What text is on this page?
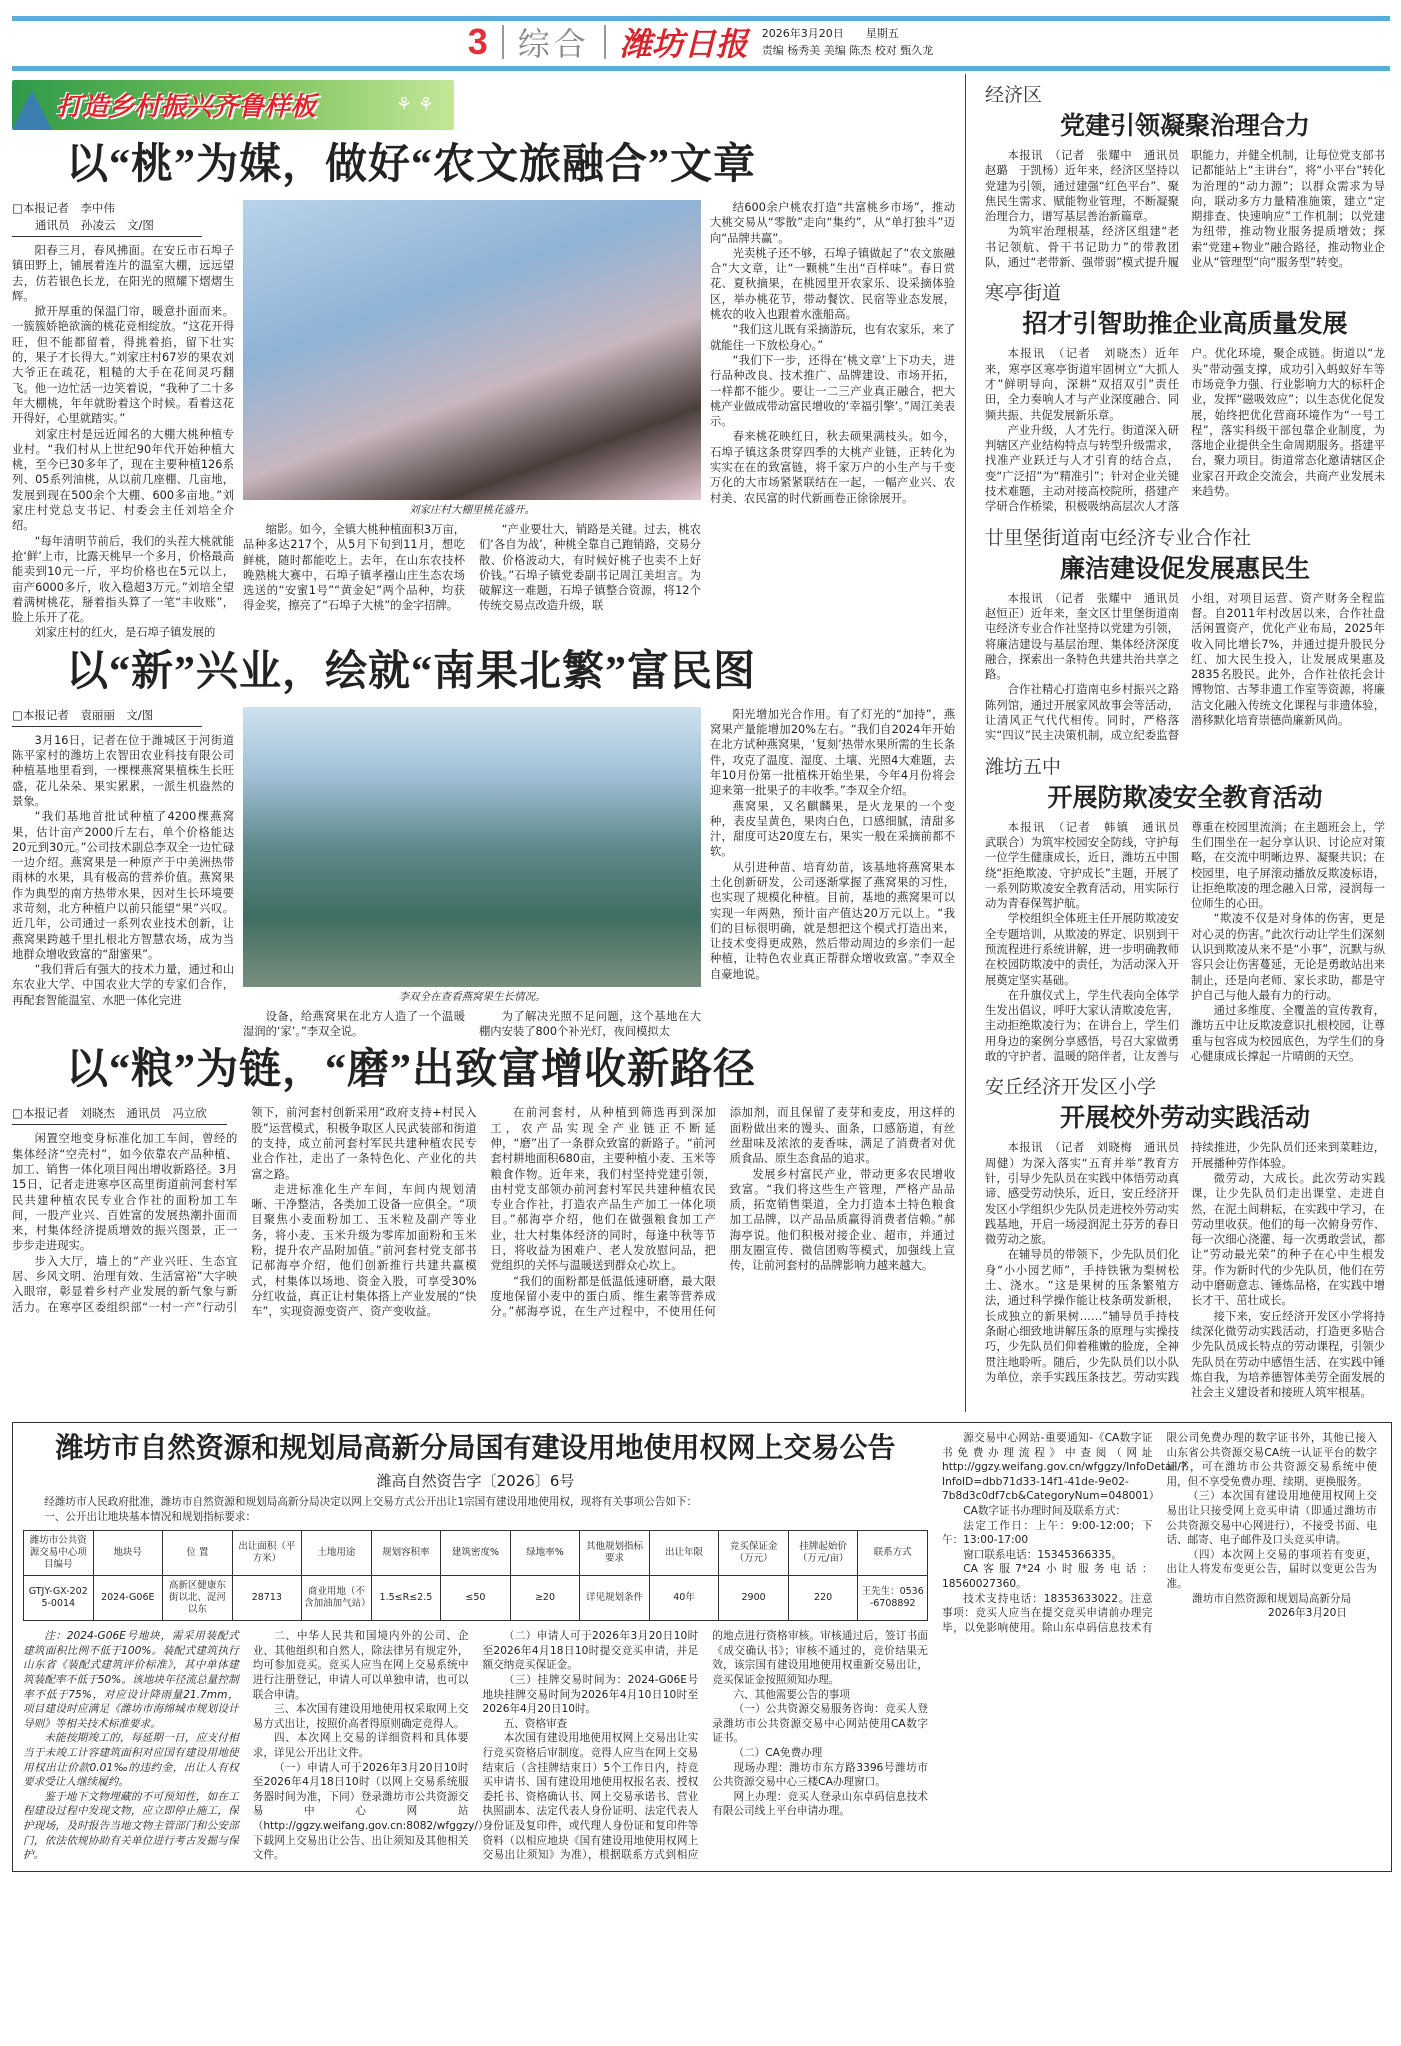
3 综合 潍坊日报 2026年3月20日　　 星期五
责编 杨秀美 美编 陈杰 校对 甄久龙
打造乡村振兴齐鲁样板	⚘ ⚘
以“桃”为媒，做好“农文旅融合”文章
□本报记者　李中伟
通讯员　孙凌云　文/图

阳春三月，春风拂面。在安丘市石埠子镇田野上，铺展着连片的温室大棚，远远望去，仿若银色长龙，在阳光的照耀下熠熠生辉。

掀开厚重的保温门帘，暖意扑面而来。一簇簇娇艳欲滴的桃花竞相绽放。“这花开得旺，但不能都留着，得挑着掐，留下壮实的，果子才长得大。”刘家庄村67岁的果农刘大爷正在疏花，粗糙的大手在花间灵巧翻飞。他一边忙活一边笑着说，“我种了二十多年大棚桃，年年就盼着这个时候。看着这花开得好，心里就踏实。”

刘家庄村是远近闻名的大棚大桃种植专业村。“我们村从上世纪90年代开始种植大桃，至今已30多年了，现在主要种植126系列、05系列油桃，从以前几座棚、几亩地，发展到现在500余个大棚、600多亩地。”刘家庄村党总支书记、村委会主任刘培全介绍。

“每年清明节前后，我们的头茬大桃就能抢‘鲜’上市，比露天桃早一个多月，价格最高能卖到10元一斤，平均价格也在5元以上，亩产6000多斤，收入稳超3万元。”刘培全望着满树桃花，掰着指头算了一笔“丰收账”，脸上乐开了花。

刘家庄村的红火，是石埠子镇发展的

刘家庄村大棚里桃花盛开。

缩影。如今，全镇大桃种植面积3万亩，品种多达217个，从5月下旬到11月，想吃鲜桃，随时都能吃上。去年，在山东农技杯晚熟桃大赛中，石埠子镇孝襁山庄生态农场选送的“安蜜1号”“黄金妃”两个品种，均获得金奖，擦亮了“石埠子大桃”的金字招牌。

“产业要壮大，销路是关键。过去，桃农们‘各自为战’，种桃全靠自己跑销路，交易分散、价格波动大，有时候好桃子也卖不上好价钱。”石埠子镇党委副书记周江美坦言。为破解这一难题，石埠子镇整合资源，将12个传统交易点改造升级，联

结600余户桃农打造“共富桃乡市场”，推动大桃交易从“零散”走向“集约”，从“单打独斗”迈向“品牌共赢”。

光卖桃子还不够，石埠子镇做起了“农文旅融合”大文章，让“一颗桃”生出“百样味”。春日赏花、夏秋摘果，在桃园里开农家乐、设采摘体验区，举办桃花节，带动餐饮、民宿等业态发展，桃农的收入也跟着水涨船高。

“我们这儿既有采摘游玩，也有农家乐，来了就能住一下放松身心。”

“我们下一步，还得在‘桃文章’上下功夫，进行品种改良、技术推广、品牌建设、市场开拓，一样都不能少。要让一二三产业真正融合，把大桃产业做成带动富民增收的‘幸福引擎’。”周江美表示。

春来桃花映红日，秋去硕果满枝头。如今，石埠子镇这条贯穿四季的大桃产业链，正转化为实实在在的致富链，将千家万户的小生产与千变万化的大市场紧紧联结在一起，一幅产业兴、农村美、农民富的时代新画卷正徐徐展开。

以“新”兴业，绘就“南果北繁”富民图
□本报记者　袁丽丽　文/图

3月16日，记者在位于潍城区于河街道陈平家村的潍坊上农智田农业科技有限公司种植基地里看到，一棵棵燕窝果植株生长旺盛，花儿朵朵、果实累累，一派生机盎然的景象。

“我们基地首批试种植了4200棵燕窝果，估计亩产2000斤左右，单个价格能达20元到30元。”公司技术副总李双全一边忙碌一边介绍。燕窝果是一种原产于中美洲热带雨林的水果，具有极高的营养价值。燕窝果作为典型的南方热带水果，因对生长环境要求苛刻，北方种植户以前只能望“果”兴叹。近几年，公司通过一系列农业技术创新，让燕窝果跨越千里扎根北方智慧农场，成为当地群众增收致富的“甜蜜果”。

“我们背后有强大的技术力量，通过和山东农业大学、中国农业大学的专家们合作，再配套智能温室、水肥一体化完进	李双全在查看燕窝果生长情况。

设备，给燕窝果在北方人造了一个温暖湿润的‘家’。”李双全说。

为了解决光照不足问题，这个基地在大棚内安装了800个补光灯，夜间模拟太

阳光增加光合作用。有了灯光的“加持”，燕窝果产量能增加20%左右。“我们自2024年开始在北方试种燕窝果，‘复刻’热带水果所需的生长条件，攻克了温度、湿度、土壤、光照4大难题，去年10月份第一批植株开始坐果，今年4月份将会迎来第一批果子的丰收季。”李双全介绍。

燕窝果，又名麒麟果，是火龙果的一个变种，表皮呈黄色，果肉白色，口感细腻，清甜多汁，甜度可达20度左右，果实一般在采摘前都不软。

从引进种苗、培育幼苗，该基地将燕窝果本土化创新研发，公司逐渐掌握了燕窝果的习性，也实现了规模化种植。目前，基地的燕窝果可以实现一年两熟，预计亩产值达20万元以上。“我们的目标很明确，就是想把这个模式打造出来，让技术变得更成熟，然后带动周边的乡亲们一起种植，让特色农业真正帮群众增收致富。”李双全自豪地说。

以“粮”为链，“磨”出致富增收新路径
□本报记者　刘晓杰　通讯员　冯立欣

闲置空地变身标准化加工车间，曾经的集体经济“空壳村”，如今依靠农产品种植、加工、销售一体化项目闯出增收新路径。3月15日，记者走进寒亭区高里街道前河套村军民共建种植农民专业合作社的面粉加工车间，一股产业兴、百姓富的发展热潮扑面而来，村集体经济提质增效的振兴图景，正一步步走进现实。

步入大厅，墙上的“产业兴旺、生态宜居、乡风文明、治理有效、生活富裕”大字映入眼帘，彰显着乡村产业发展的新气象与新活力。在寒亭区委组织部“一村一产”行动引领下，前河套村创新采用“政府支持+村民入股”运营模式，积极争取区人民武装部和街道的支持，成立前河套村军民共建种植农民专业合作社，走出了一条特色化、产业化的共富之路。

走进标准化生产车间，车间内规划清晰、干净整洁，各类加工设备一应俱全。“项目聚焦小麦面粉加工、玉米粒及副产等业务，将小麦、玉米升级为零库加面粉和玉米粉，提升农产品附加值。”前河套村党支部书记郝海亭介绍，他们创新推行共建共赢模式，村集体以场地、资金入股，可享受30%分红收益，真正让村集体搭上产业发展的“快车”，实现资源变资产、资产变收益。

在前河套村，从种植到筛选再到深加工，农产品实现全产业链正不断延伸，“磨”出了一条群众致富的新路子。“前河套村耕地面积680亩，主要种植小麦、玉米等粮食作物。近年来，我们村坚持党建引领，由村党支部领办前河套村军民共建种植农民专业合作社，打造农产品生产加工一体化项目。”郝海亭介绍，他们在做强粮食加工产业，壮大村集体经济的同时，每逢中秋等节日，将收益为困难户、老人发放慰问品，把党组织的关怀与温暖送到群众心坎上。

“我们的面粉都是低温低速研磨，最大限度地保留小麦中的蛋白质、维生素等营养成分。”郝海亭说，在生产过程中，不使用任何添加剂，而且保留了麦芽和麦皮，用这样的面粉做出来的馒头、面条，口感筋道，有丝丝甜味及浓浓的麦香味，满足了消费者对优质食品、原生态食品的追求。

发展乡村富民产业，带动更多农民增收致富。“我们将这些生产管理，严格产品品质，拓宽销售渠道，全力打造本土特色粮食加工品牌，以产品品质赢得消费者信赖。”郝海亭说。他们积极对接企业、超市，并通过朋友圈宣传、微信团购等模式，加强线上宣传，让前河套村的品牌影响力越来越大。

经济区
党建引领凝聚治理合力

本报讯　（记者　张耀中　通讯员　赵璐　于凯杨）近年来，经济区坚持以党建为引领，通过建强“红色平台”、聚焦民生需求、赋能物业管理，不断凝聚治理合力，谱写基层善治新篇章。

为筑牢治理根基，经济区组建“老书记领航、骨干书记助力”的带教团队，通过“老带新、强带弱”模式提升履职能力，并健全机制，让每位党支部书记都能站上“主讲台”，将“小平台”转化为治理的“动力源”；以群众需求为导向，联动多方力量精准施策，建立“定期排查、快速响应”工作机制；以党建为纽带，推动物业服务提质增效；探索“党建+物业”融合路径，推动物业企业从“管理型”向“服务型”转变。

寒亭街道
招才引智助推企业高质量发展

本报讯　（记者　刘晓杰）近年来，寒亭区寒亭街道牢固树立“大抓人才”鲜明导向，深耕“双招双引”责任田，全力奏响人才与产业深度融合、同频共振、共促发展新乐章。

产业升级，人才先行。街道深入研判辖区产业结构特点与转型升级需求，找准产业跃迁与人才引育的结合点，变“广泛招”为“精准引”；针对企业关键技术难题，主动对接高校院所，搭建产学研合作桥梁，积极吸纳高层次人才落户。优化环境，聚企成链。街道以“龙头”带动强支撑，成功引入蚂蚁好车等市场竞争力强、行业影响力大的标杆企业，发挥“磁吸效应”；以生态优化促发展，始终把优化营商环境作为“一号工程”，落实科级干部包靠企业制度，为落地企业提供全生命周期服务。搭建平台，聚力项目。街道常态化邀请辖区企业家召开政企交流会，共商产业发展未来趋势。

廿里堡街道南屯经济专业合作社
廉洁建设促发展惠民生

本报讯　（记者　张耀中　通讯员　赵恒正）近年来，奎文区廿里堡街道南屯经济专业合作社坚持以党建为引领，将廉洁建设与基层治理、集体经济深度融合，探索出一条特色共建共治共享之路。

合作社精心打造南屯乡村振兴之路陈列馆，通过开展家风故事会等活动，让清风正气代代相传。同时，严格落实“四议”民主决策机制，成立纪委监督小组，对项目运营、资产财务全程监督。自2011年村改居以来，合作社盘活闲置资产，优化产业布局，2025年收入同比增长7%，并通过提升股民分红、加大民生投入，让发展成果惠及2835名股民。此外，合作社依托会计博物馆、古琴非遗工作室等资源，将廉洁文化融入传统文化课程与非遗体验，潜移默化培育崇德尚廉新风尚。

潍坊五中
开展防欺凌安全教育活动

本报讯　（记者　韩镇　通讯员　武联合）为筑牢校园安全防线，守护每一位学生健康成长，近日，潍坊五中围绕“拒绝欺凌、守护成长”主题，开展了一系列防欺凌安全教育活动，用实际行动为青春保驾护航。

学校组织全体班主任开展防欺凌安全专题培训，从欺凌的界定、识别到干预流程进行系统讲解，进一步明确教师在校园防欺凌中的责任，为活动深入开展奠定坚实基础。

在升旗仪式上，学生代表向全体学生发出倡议，呼吁大家认清欺凌危害，主动拒绝欺凌行为；在讲台上，学生们用身边的案例分享感悟，号召大家做勇敢的守护者、温暖的陪伴者，让友善与尊重在校园里流淌；在主题班会上，学生们围坐在一起分享认识、讨论应对策略，在交流中明晰边界、凝聚共识；在校园里，电子屏滚动播放反欺凌标语，让拒绝欺凌的理念融入日常，浸润每一位师生的心田。

“欺凌不仅是对身体的伤害，更是对心灵的伤害。”此次行动让学生们深刻认识到欺凌从来不是“小事”，沉默与纵容只会让伤害蔓延，无论是勇敢站出来制止，还是向老师、家长求助，都是守护自己与他人最有力的行动。

通过多维度、全覆盖的宣传教育，潍坊五中让反欺凌意识扎根校园，让尊重与包容成为校园底色，为学生们的身心健康成长撑起一片晴朗的天空。

安丘经济开发区小学
开展校外劳动实践活动

本报讯　（记者　刘晓梅　通讯员　周健）为深入落实“五育并举”教育方针，引导少先队员在实践中体悟劳动真谛、感受劳动快乐，近日，安丘经济开发区小学组织少先队员走进校外劳动实践基地，开启一场浸润泥土芬芳的春日微劳动之旅。

在辅导员的带领下，少先队员们化身“小小园艺师”，手持铁锹为梨树松土、浇水。“这是果树的压条繁殖方法，通过科学操作能让枝条萌发新根，长成独立的新果树……”辅导员手持枝条耐心细致地讲解压条的原理与实操技巧，少先队员们仰着稚嫩的脸庞，全神贯注地聆听。随后，少先队员们以小队为单位，亲手实践压条技艺。劳动实践持续推进，少先队员们还来到菜畦边，开展播种劳作体验。

微劳动，大成长。此次劳动实践课，让少先队员们走出课堂、走进自然，在泥土间耕耘，在实践中学习，在劳动里收获。他们的每一次俯身劳作、每一次细心浇灌、每一次勇敢尝试，都让“劳动最光荣”的种子在心中生根发芽。作为新时代的少先队员，他们在劳动中磨砺意志、锤炼品格，在实践中增长才干、茁壮成长。

接下来，安丘经济开发区小学将持续深化微劳动实践活动，打造更多贴合少先队员成长特点的劳动课程，引领少先队员在劳动中感悟生活、在实践中锤炼自我，为培养德智体美劳全面发展的社会主义建设者和接班人筑牢根基。

潍坊市自然资源和规划局高新分局国有建设用地使用权网上交易公告
潍高自然资告字〔2026〕6号

经潍坊市人民政府批准，潍坊市自然资源和规划局高新分局决定以网上交易方式公开出让1宗国有建设用地使用权，现将有关事项公告如下：

一、公开出让地块基本情况和规划指标要求：

潍坊市公共资源交易中心项目编号	地块号	位 置	出让面积（平方米）	土地用途	规划容积率	建筑密度%	绿地率%	其他规划指标要求	出让年限	竞买保证金（万元）	挂牌起始价（万元/亩）	联系方式
GTJY-GX-2025-0014	2024-G06E	高新区健康东街以北、浞河以东	28713	商业用地（不含加油加气站）	1.5≤R≤2.5	≤50	≥20	详见规划条件	40年	2900	220	王先生：0536-6708892

注：2024-G06E号地块，需采用装配式建筑面积比例不低于100%。装配式建筑执行山东省《装配式建筑评价标准》，其中单体建筑装配率不低于50%。该地块年径流总量控制率不低于75%，对应设计降雨量21.7mm，项目建设时应满足《潍坊市海绵城市规划设计导则》等相关技术标准要求。

未能按期竣工的，每延期一日，应支付相当于未竣工计容建筑面积对应国有建设用地使用权出让价款0.01‰的违约金，出让人有权要求受让人继续履约。

鉴于地下文物埋藏的不可预知性，如在工程建设过程中发现文物，应立即停止施工，保护现场，及时报告当地文物主管部门和公安部门，依法依规协助有关单位进行考古发掘与保护。

二、中华人民共和国境内外的公司、企业、其他组织和自然人，除法律另有规定外，均可参加竞买。竞买人应当在网上交易系统中进行注册登记，申请人可以单独申请，也可以联合申请。

三、本次国有建设用地使用权采取网上交易方式出让，按照价高者得原则确定竞得人。

四、本次网上交易的详细资料和具体要求，详见公开出让文件。

（一）申请人可于2026年3月20日10时至2026年4月18日10时（以网上交易系统服务器时间为准，下同）登录潍坊市公共资源交易中心网站（http://ggzy.weifang.gov.cn:8082/wfggzy/）下载网上交易出让公告、出让须知及其他相关文件。

（二）申请人可于2026年3月20日10时至2026年4月18日10时提交竞买申请，并足额交纳竞买保证金。

（三）挂牌交易时间为：2024-G06E号地块挂牌交易时间为2026年4月10日10时至2026年4月20日10时。

五、资格审查

本次国有建设用地使用权网上交易出让实行竞买资格后审制度。竞得人应当在网上交易结束后（含挂牌结束日）5个工作日内，持竞买申请书、国有建设用地使用权报名表、授权委托书、资格确认书、网上交易承诺书、营业执照副本、法定代表人身份证明、法定代表人身份证及复印件，或代理人身份证和复印件等资料（以相应地块《国有建设用地使用权网上交易出让须知》为准），根据联系方式到相应的地点进行资格审核。审核通过后，签订书面《成交确认书》；审核不通过的，竞价结果无效，该宗国有建设用地使用权重新交易出让，竞买保证金按照须知办理。

六、其他需要公告的事项

（一）公共资源交易服务咨询：竞买人登录潍坊市公共资源交易中心网站使用CA数字证书。

（二）CA免费办理

现场办理：潍坊市东方路3396号潍坊市公共资源交易中心三楼CA办理窗口。

网上办理：竞买人登录山东卓码信息技术有限公司线上平台申请办理。

源交易中心网站-重要通知-《CA数字证书免费办理流程》中查阅（网址http://ggzy.weifang.gov.cn/wfggzy/InfoDetail/?InfoID=dbb71d33-14f1-41de-9e02-7b8d3c0df7cb&CategoryNum=048001）

CA数字证书办理时间及联系方式：

法定工作日：上午：9:00-12:00；下午：13:00-17:00

窗口联系电话：15345366335。

CA客服7*24小时服务电话：18560027360。

技术支持电话：18353633022。注意事项：竞买人应当在提交竞买申请前办理完毕，以免影响使用。除山东卓码信息技术有限公司免费办理的数字证书外，其他已接入山东省公共资源交易CA统一认证平台的数字证书，可在潍坊市公共资源交易系统中使用，但不享受免费办理、续期、更换服务。

（三）本次国有建设用地使用权网上交易出让只接受网上竞买申请（即通过潍坊市公共资源交易中心网进行），不接受书面、电话、邮寄、电子邮件及口头竞买申请。

（四）本次网上交易的事项若有变更，出让人将发布变更公告，届时以变更公告为准。

潍坊市自然资源和规划局高新分局
2026年3月20日
